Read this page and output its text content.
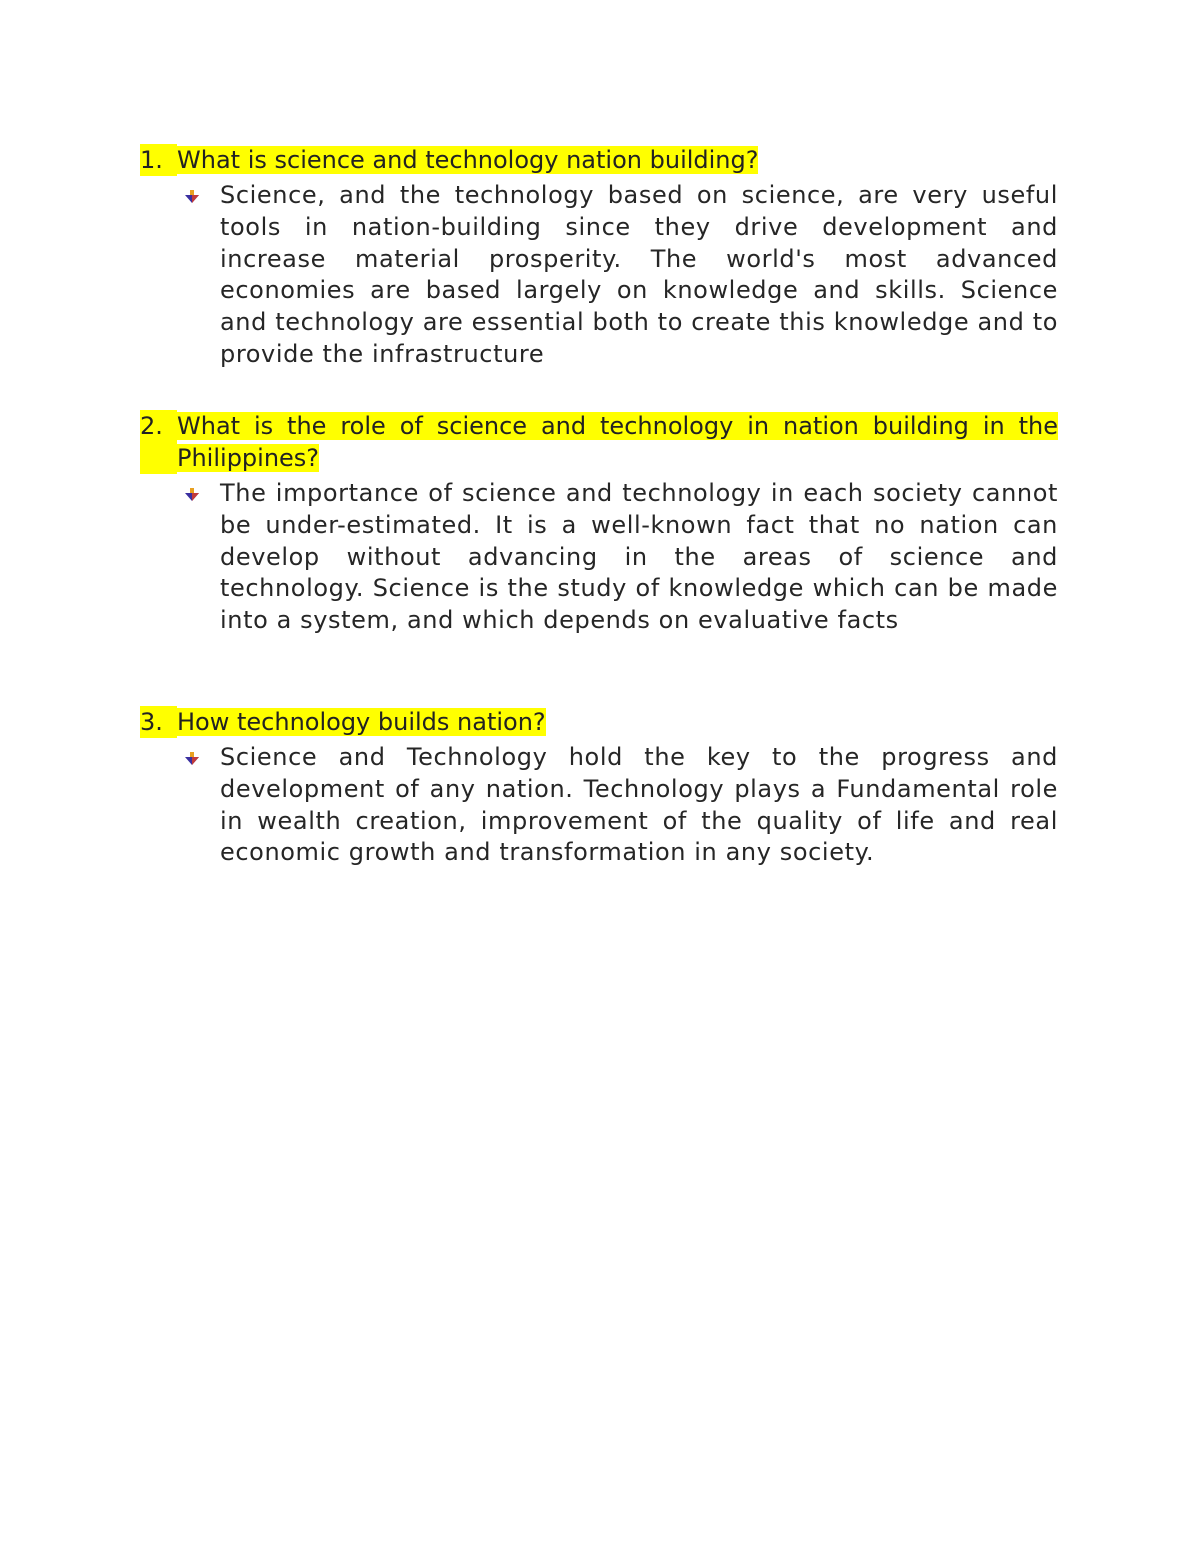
1. What is science and technology nation building?
Science, and the technology based on science, are very useful tools in nation-building since they drive development and increase material prosperity. The world's most advanced economies are based largely on knowledge and skills. Science and technology are essential both to create this knowledge and to provide the infrastructure
2. What is the role of science and technology in nation building in the Philippines?
The importance of science and technology in each society cannot be under-estimated. It is a well-known fact that no nation can develop without advancing in the areas of science and technology. Science is the study of knowledge which can be made into a system, and which depends on evaluative facts
3. How technology builds nation?
Science and Technology hold the key to the progress and development of any nation. Technology plays a Fundamental role in wealth creation, improvement of the quality of life and real economic growth and transformation in any society.
